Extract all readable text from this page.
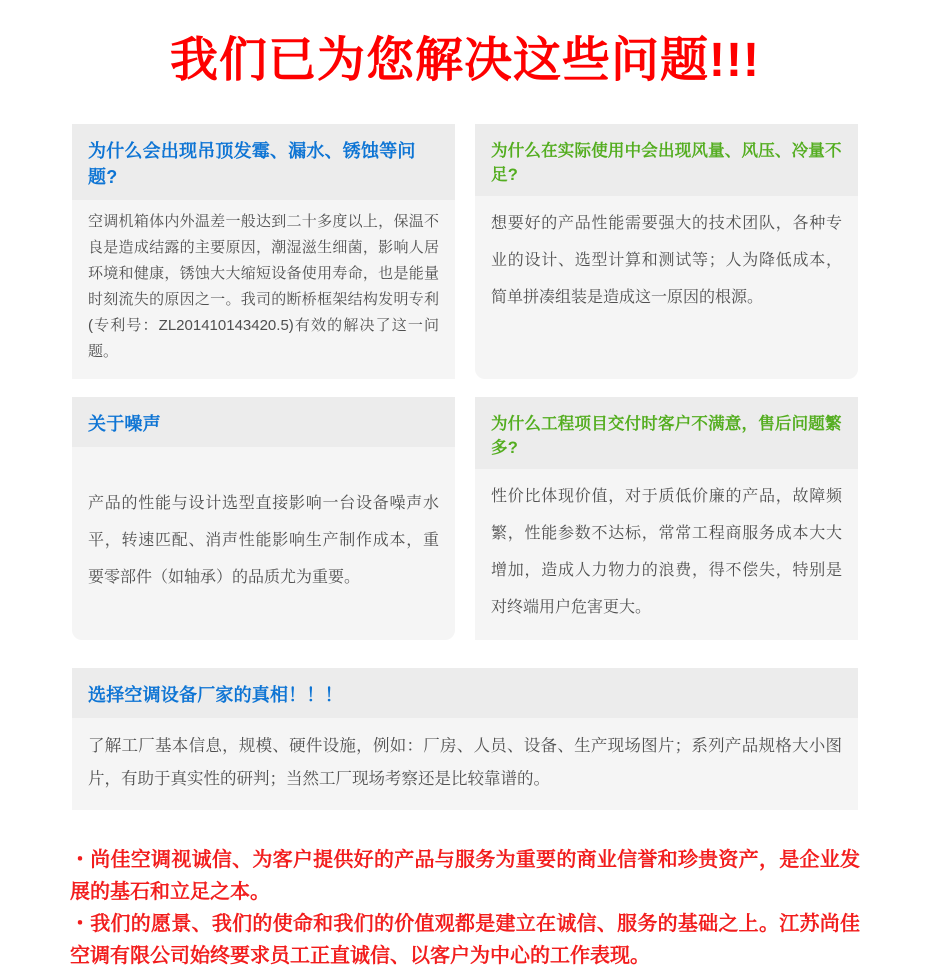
我们已为您解决这些问题!!!
为什么会出现吊顶发霉、漏水、锈蚀等问题?
空调机箱体内外温差一般达到二十多度以上，保温不良是造成结露的主要原因，潮湿滋生细菌，影响人居环境和健康，锈蚀大大缩短设备使用寿命，也是能量时刻流失的原因之一。我司的断桥框架结构发明专利(专利号：ZL201410143420.5)有效的解决了这一问题。
为什么在实际使用中会出现风量、风压、冷量不足?
想要好的产品性能需要强大的技术团队，各种专业的设计、选型计算和测试等；人为降低成本，简单拼凑组装是造成这一原因的根源。
关于噪声
产品的性能与设计选型直接影响一台设备噪声水平，转速匹配、消声性能影响生产制作成本，重要零部件（如轴承）的品质尤为重要。
为什么工程项目交付时客户不满意，售后问题繁多?
性价比体现价值，对于质低价廉的产品，故障频繁，性能参数不达标，常常工程商服务成本大大增加，造成人力物力的浪费，得不偿失，特别是对终端用户危害更大。
选择空调设备厂家的真相！！！
了解工厂基本信息，规模、硬件设施，例如：厂房、人员、设备、生产现场图片；系列产品规格大小图片，有助于真实性的研判；当然工厂现场考察还是比较靠谱的。

・尚佳空调视诚信、为客户提供好的产品与服务为重要的商业信誉和珍贵资产，是企业发展的基石和立足之本。

・我们的愿景、我们的使命和我们的价值观都是建立在诚信、服务的基础之上。江苏尚佳空调有限公司始终要求员工正直诚信、以客户为中心的工作表现。
